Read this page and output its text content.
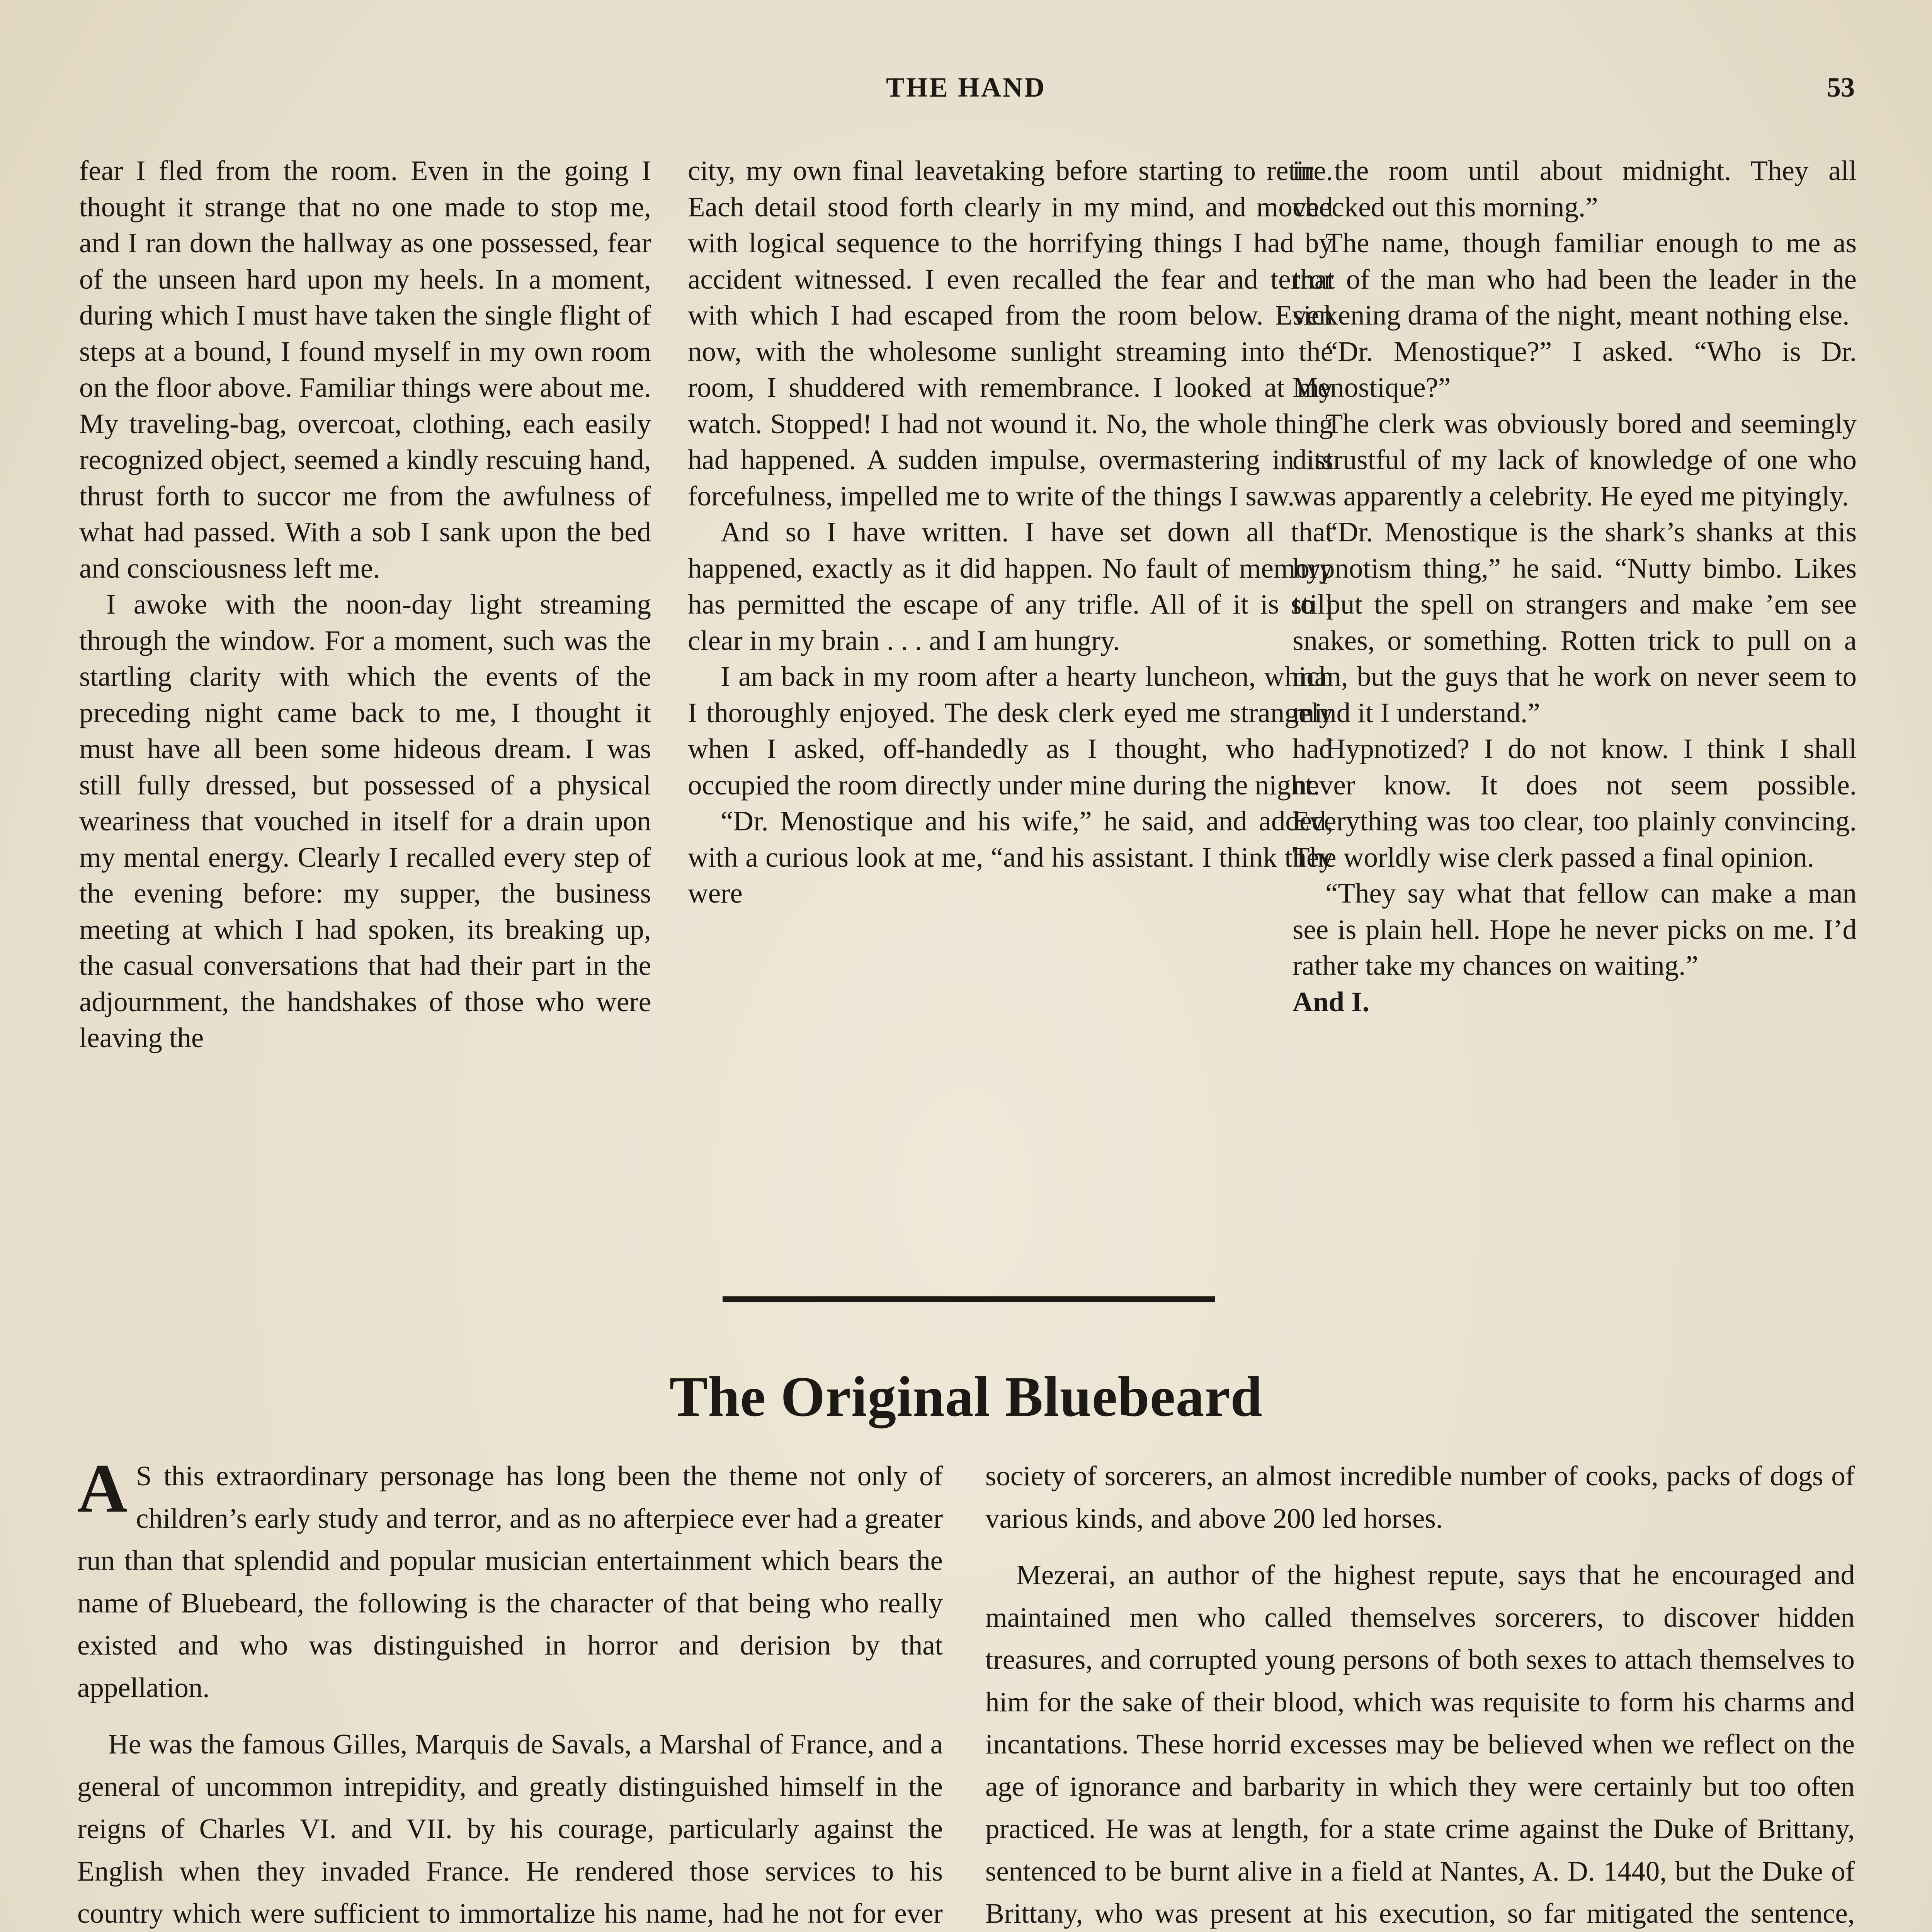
THE HAND	53

fear I fled from the room. Even in the going I thought it strange that no one made to stop me, and I ran down the hallway as one possessed, fear of the unseen hard upon my heels. In a moment, during which I must have taken the single flight of steps at a bound, I found myself in my own room on the floor above. Familiar things were about me. My traveling-bag, overcoat, clothing, each easily recognized object, seemed a kindly rescuing hand, thrust forth to succor me from the awfulness of what had passed. With a sob I sank upon the bed and consciousness left me.

I awoke with the noon-day light streaming through the window. For a moment, such was the startling clarity with which the events of the preceding night came back to me, I thought it must have all been some hideous dream. I was still fully dressed, but possessed of a physical weariness that vouched in itself for a drain upon my mental energy. Clearly I recalled every step of the evening before: my supper, the business meeting at which I had spoken, its breaking up, the casual conversations that had their part in the adjournment, the handshakes of those who were leaving the

city, my own final leavetaking before starting to retire. Each detail stood forth clearly in my mind, and moved with logical sequence to the horrifying things I had by accident witnessed. I even recalled the fear and terror with which I had escaped from the room below. Even now, with the wholesome sunlight streaming into the room, I shuddered with remembrance. I looked at my watch. Stopped! I had not wound it. No, the whole thing had happened. A sudden impulse, overmastering in its forcefulness, impelled me to write of the things I saw.

And so I have written. I have set down all that happened, exactly as it did happen. No fault of memory has permitted the escape of any trifle. All of it is still clear in my brain . . . and I am hungry.

I am back in my room after a hearty luncheon, which I thoroughly enjoyed. The desk clerk eyed me strangely when I asked, off-handedly as I thought, who had occupied the room directly under mine during the night.

“Dr. Menostique and his wife,” he said, and added, with a curious look at me, “and his assistant. I think they were

in the room until about midnight. They all checked out this morning.”

The name, though familiar enough to me as that of the man who had been the leader in the sickening drama of the night, meant nothing else.

“Dr. Menostique?” I asked. “Who is Dr. Menostique?”

The clerk was obviously bored and seemingly distrustful of my lack of knowledge of one who was apparently a celebrity. He eyed me pityingly.

“Dr. Menostique is the shark’s shanks at this hypnotism thing,” he said. “Nutty bimbo. Likes to put the spell on strangers and make ’em see snakes, or something. Rotten trick to pull on a man, but the guys that he work on never seem to mind it I understand.”

Hypnotized? I do not know. I think I shall never know. It does not seem possible. Everything was too clear, too plainly convincing. The worldly wise clerk passed a final opinion.

“They say what that fellow can make a man see is plain hell. Hope he never picks on me. I’d rather take my chances on waiting.”

And I.

The Original Bluebeard

A S this extraordinary personage has long been the theme not only of children’s early study and terror, and as no afterpiece ever had a greater run than that splendid and popular musician entertainment which bears the name of Bluebeard, the following is the character of that being who really existed and who was distinguished in horror and derision by that appellation.

He was the famous Gilles, Marquis de Savals, a Marshal of France, and a general of uncommon intrepidity, and greatly distinguished himself in the reigns of Charles VI. and VII. by his courage, particularly against the English when they invaded France. He rendered those services to his country which were sufficient to immortalize his name, had he not for ever

society of sorcerers, an almost incredible number of cooks, packs of dogs of various kinds, and above 200 led horses.

Mezerai, an author of the highest repute, says that he encouraged and maintained men who called themselves sorcerers, to discover hidden treasures, and corrupted young persons of both sexes to attach themselves to him for the sake of their blood, which was requisite to form his charms and incantations. These horrid excesses may be believed when we reflect on the age of ignorance and barbarity in which they were certainly but too often practiced. He was at length, for a state crime against the Duke of Brittany, sentenced to be burnt alive in a field at Nantes, A. D. 1440, but the Duke of Brittany, who was present at his execution, so far mitigated the sentence,
